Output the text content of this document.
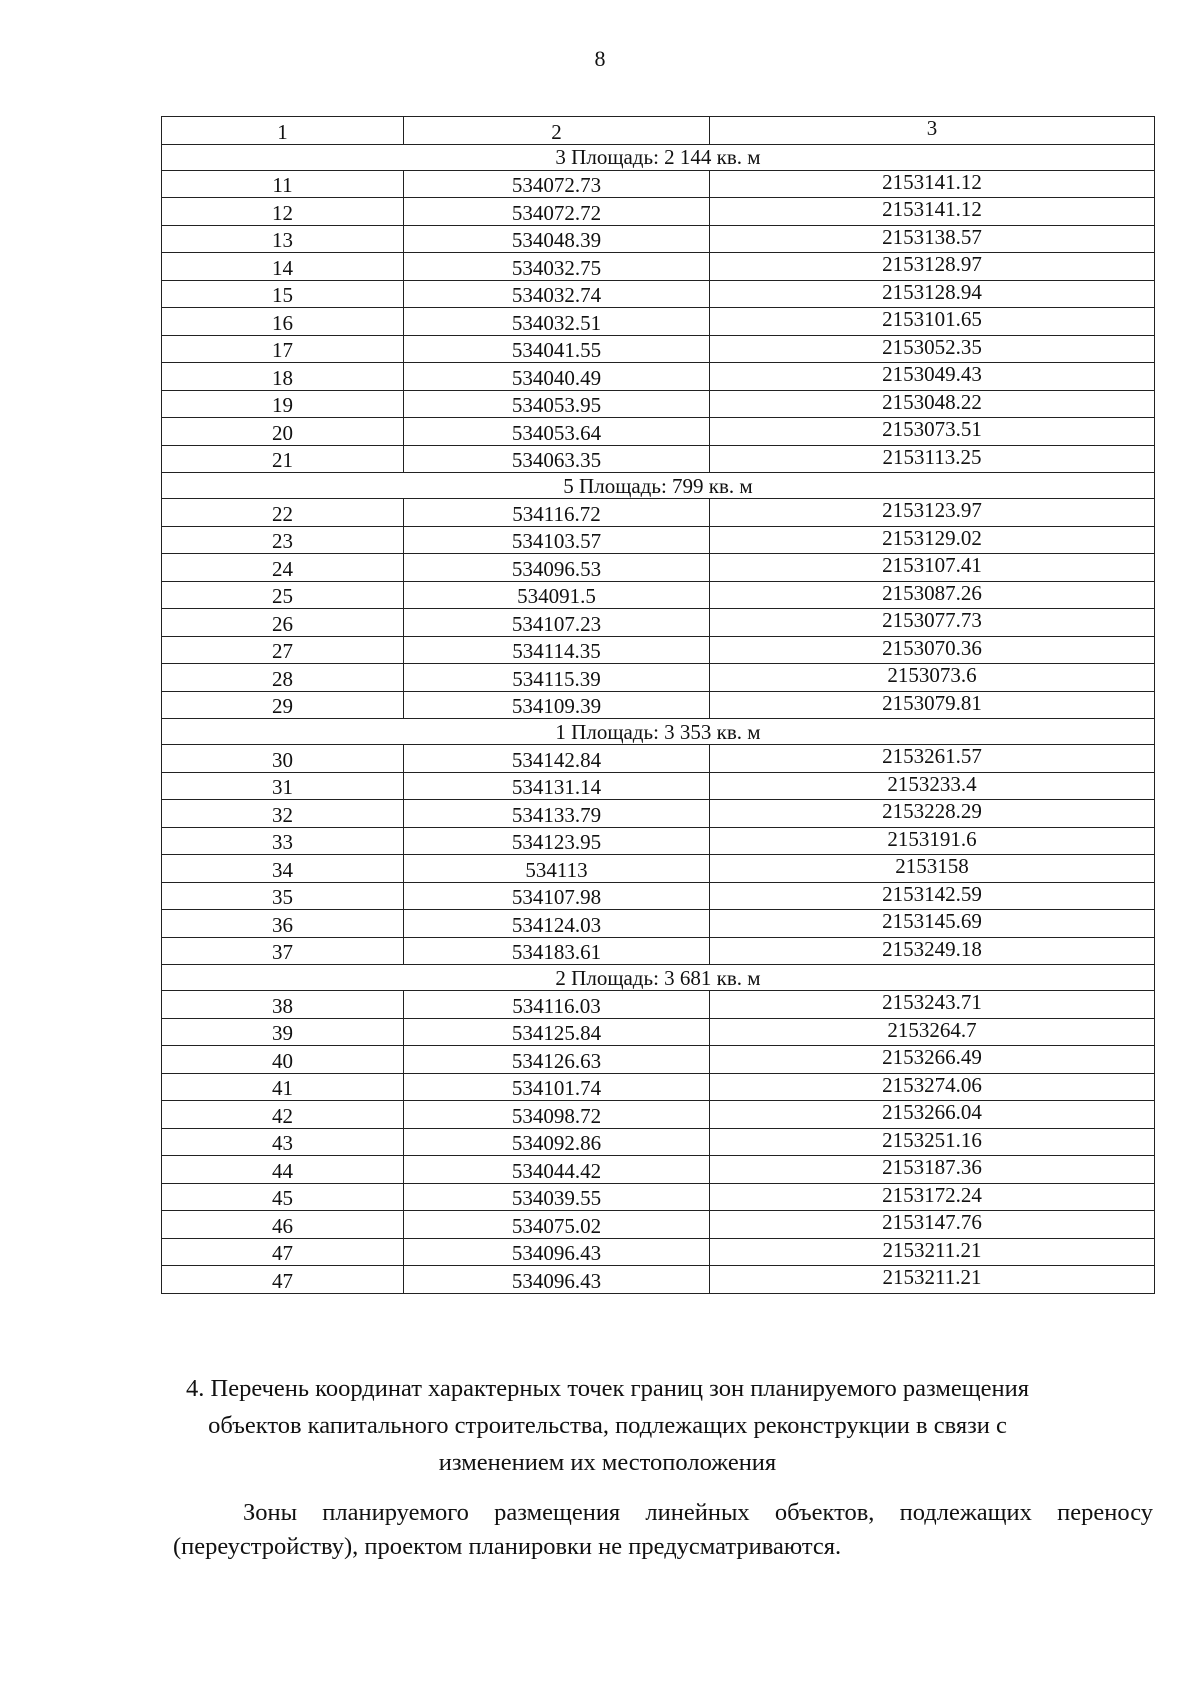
8
1	2	3
3 Площадь: 2 144 кв. м		
11	534072.73	2153141.12
12	534072.72	2153141.12
13	534048.39	2153138.57
14	534032.75	2153128.97
15	534032.74	2153128.94
16	534032.51	2153101.65
17	534041.55	2153052.35
18	534040.49	2153049.43
19	534053.95	2153048.22
20	534053.64	2153073.51
21	534063.35	2153113.25
5 Площадь: 799 кв. м		
22	534116.72	2153123.97
23	534103.57	2153129.02
24	534096.53	2153107.41
25	534091.5	2153087.26
26	534107.23	2153077.73
27	534114.35	2153070.36
28	534115.39	2153073.6
29	534109.39	2153079.81
1 Площадь: 3 353 кв. м		
30	534142.84	2153261.57
31	534131.14	2153233.4
32	534133.79	2153228.29
33	534123.95	2153191.6
34	534113	2153158
35	534107.98	2153142.59
36	534124.03	2153145.69
37	534183.61	2153249.18
2 Площадь: 3 681 кв. м		
38	534116.03	2153243.71
39	534125.84	2153264.7
40	534126.63	2153266.49
41	534101.74	2153274.06
42	534098.72	2153266.04
43	534092.86	2153251.16
44	534044.42	2153187.36
45	534039.55	2153172.24
46	534075.02	2153147.76
47	534096.43	2153211.21
47	534096.43	2153211.21
4. Перечень координат характерных точек границ зон планируемого размещения объектов капитального строительства, подлежащих реконструкции в связи с изменением их местоположения
Зоны планируемого размещения линейных объектов, подлежащих переносу (переустройству), проектом планировки не предусматриваются.
